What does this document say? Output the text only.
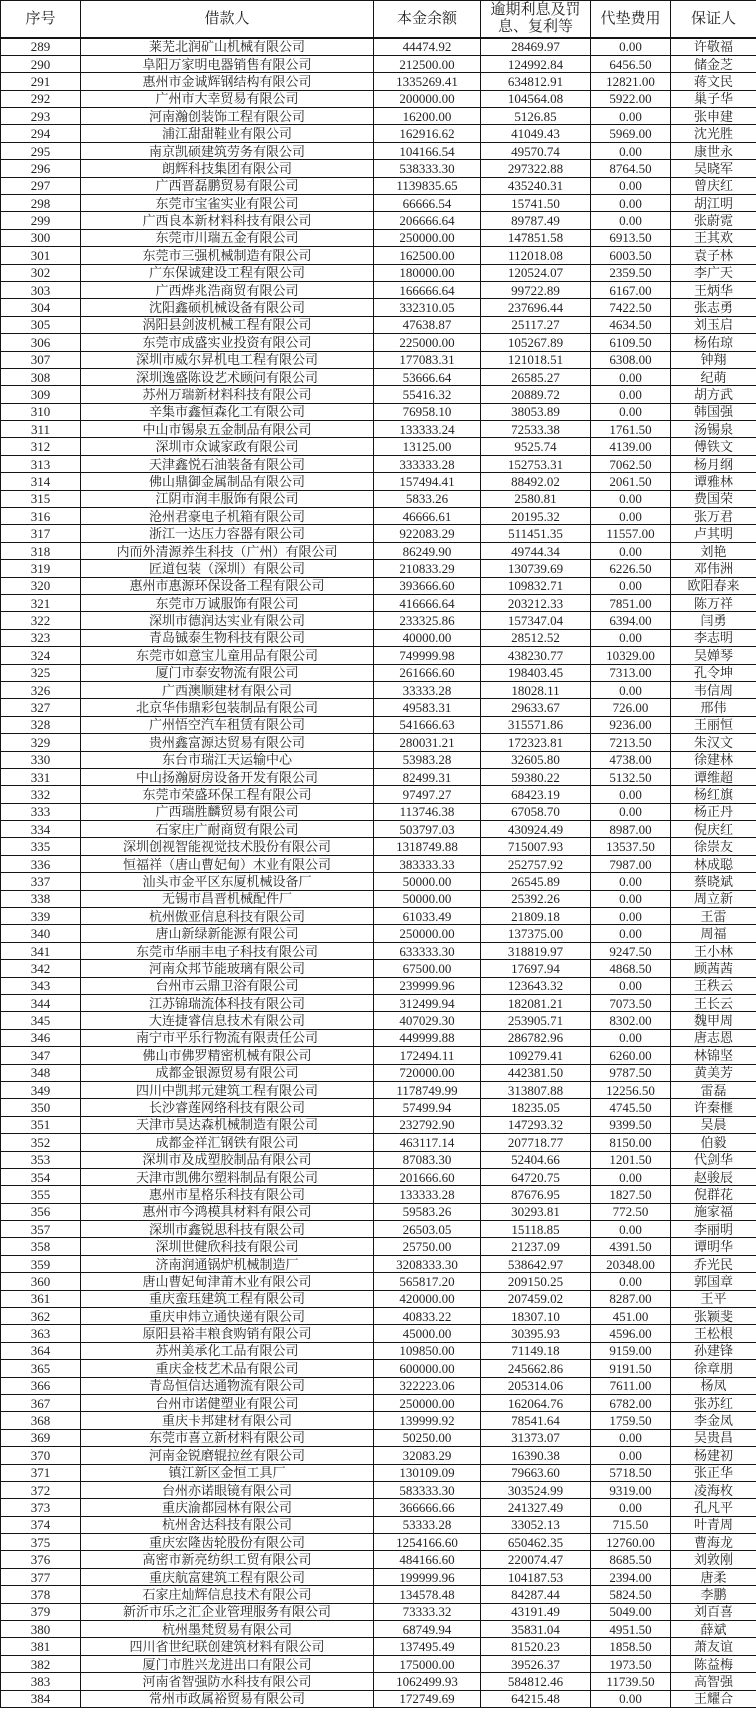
序号	借款人	本金余额	逾期利息及罚息、复利等	代垫费用	保证人
289	莱芜北润矿山机械有限公司	44474.92	28469.97	0.00	许敬福
290	阜阳万家明电器销售有限公司	212500.00	124992.84	6456.50	储金芝
291	惠州市金诚辉钢结构有限公司	1335269.41	634812.91	12821.00	蒋文民
292	广州市大幸贸易有限公司	200000.00	104564.08	5922.00	巢子华
293	河南瀚创装饰工程有限公司	16200.00	5126.85	0.00	张申建
294	浦江甜甜鞋业有限公司	162916.62	41049.43	5969.00	沈光胜
295	南京凯硕建筑劳务有限公司	104166.54	49570.74	0.00	康世永
296	朗辉科技集团有限公司	538333.30	297322.88	8764.50	吴晓军
297	广西晋磊鹏贸易有限公司	1139835.65	435240.31	0.00	曾庆红
298	东莞市宝雀实业有限公司	66666.54	15741.50	0.00	胡江明
299	广西良本新材料科技有限公司	206666.64	89787.49	0.00	张蔚霓
300	东莞市川瑞五金有限公司	250000.00	147851.58	6913.50	王其欢
301	东莞市三强机械制造有限公司	162500.00	112018.08	6003.50	袁子林
302	广东保诚建设工程有限公司	180000.00	120524.07	2359.50	李广天
303	广西烨兆浩商贸有限公司	166666.64	99722.89	6167.00	王炳华
304	沈阳鑫硕机械设备有限公司	332310.05	237696.44	7422.50	张志勇
305	涡阳县剑波机械工程有限公司	47638.87	25117.27	4634.50	刘玉启
306	东莞市成盛实业投资有限公司	225000.00	105267.89	6109.50	杨佑琼
307	深圳市威尔昇机电工程有限公司	177083.31	121018.51	6308.00	钟翔
308	深圳逸盛陈设艺术顾问有限公司	53666.64	26585.27	0.00	纪萌
309	苏州万瑞新材料科技有限公司	55416.32	20889.72	0.00	胡方武
310	辛集市鑫恒森化工有限公司	76958.10	38053.89	0.00	韩国强
311	中山市锡泉五金制品有限公司	133333.24	72533.38	1761.50	汤锡泉
312	深圳市众诚家政有限公司	13125.00	9525.74	4139.00	傅铁文
313	天津鑫悦石油装备有限公司	333333.28	152753.31	7062.50	杨月纲
314	佛山鼎御金属制品有限公司	157494.41	88492.02	2061.50	谭雅林
315	江阴市润丰服饰有限公司	5833.26	2580.81	0.00	费国荣
316	沧州君豪电子机箱有限公司	46666.61	20195.32	0.00	张万君
317	浙江一达压力容器有限公司	922083.29	511451.35	11557.00	卢其明
318	内而外清源养生科技（广州）有限公司	86249.90	49744.34	0.00	刘艳
319	匠道包装（深圳）有限公司	210833.29	130739.69	6226.50	邓伟洲
320	惠州市惠源环保设备工程有限公司	393666.60	109832.71	0.00	欧阳春来
321	东莞市万诚服饰有限公司	416666.64	203212.33	7851.00	陈万祥
322	深圳市德润达实业有限公司	233325.86	157347.04	6394.00	闫勇
323	青岛铖泰生物科技有限公司	40000.00	28512.52	0.00	李志明
324	东莞市如意宝儿童用品有限公司	749999.98	438230.77	10329.00	吴婵琴
325	厦门市泰安物流有限公司	261666.60	198403.45	7313.00	孔令坤
326	广西澳顺建材有限公司	33333.28	18028.11	0.00	韦信周
327	北京华伟鼎彩包装制品有限公司	49583.31	29633.67	726.00	邢伟
328	广州悟空汽车租赁有限公司	541666.63	315571.86	9236.00	王丽恒
329	贵州鑫富源达贸易有限公司	280031.21	172323.81	7213.50	朱汉文
330	东台市瑞江天运输中心	53983.28	32605.80	4738.00	徐建林
331	中山扬瀚厨房设备开发有限公司	82499.31	59380.22	5132.50	谭维超
332	东莞市荣盛环保工程有限公司	97497.27	68423.19	0.00	杨红旗
333	广西瑞胜麟贸易有限公司	113746.38	67058.70	0.00	杨正丹
334	石家庄广耐商贸有限公司	503797.03	430924.49	8987.00	倪庆红
335	深圳创视智能视觉技术股份有限公司	1318749.88	715007.93	13537.50	徐崇友
336	恒福祥（唐山曹妃甸）木业有限公司	383333.33	252757.92	7987.00	林成聪
337	汕头市金平区东厦机械设备厂	50000.00	26545.89	0.00	蔡晓斌
338	无锡市昌晋机械配件厂	50000.00	25392.26	0.00	周立新
339	杭州傲亚信息科技有限公司	61033.49	21809.18	0.00	王雷
340	唐山新绿新能源有限公司	250000.00	137375.00	0.00	周福
341	东莞市华丽丰电子科技有限公司	633333.30	318819.97	9247.50	王小林
342	河南众邦节能玻璃有限公司	67500.00	17697.94	4868.50	顾茜茜
343	台州市云鼎卫浴有限公司	239999.96	123643.32	0.00	王秩云
344	江苏锦瑞流体科技有限公司	312499.94	182081.21	7073.50	王长云
345	大连捷睿信息技术有限公司	407029.30	253905.71	8302.00	魏甲周
346	南宁市平乐行物流有限责任公司	449999.88	286782.96	0.00	唐志恩
347	佛山市佛罗精密机械有限公司	172494.11	109279.41	6260.00	林锦坚
348	成都金银源贸易有限公司	720000.00	442381.50	9787.50	黄美芳
349	四川中凯邦元建筑工程有限公司	1178749.99	313807.88	12256.50	雷磊
350	长沙睿莲网络科技有限公司	57499.94	18235.05	4745.50	许秦榧
351	天津市昊达森机械制造有限公司	232792.90	147293.32	9399.50	吴晨
352	成都金祥汇钢铁有限公司	463117.14	207718.77	8150.00	伯毅
353	深圳市及成塑胶制品有限公司	87083.30	52404.66	1201.50	代剑华
354	天津市凯佛尔塑料制品有限公司	201666.60	64720.75	0.00	赵骏辰
355	惠州市星格乐科技有限公司	133333.28	87676.95	1827.50	倪群花
356	惠州市今鸿模具材料有限公司	59583.26	30293.81	772.50	施家福
357	深圳市鑫锐思科技有限公司	26503.05	15118.85	0.00	李丽明
358	深圳世健欣科技有限公司	25750.00	21237.09	4391.50	谭明华
359	济南润通锅炉机械制造厂	3208333.30	538642.97	20348.00	乔光民
360	唐山曹妃甸津莆木业有限公司	565817.20	209150.25	0.00	郭国章
361	重庆蛮珏建筑工程有限公司	420000.00	207459.02	8287.00	王平
362	重庆申炜立通快递有限公司	40833.22	18307.10	451.00	张颖斐
363	原阳县裕丰粮食购销有限公司	45000.00	30395.93	4596.00	王松根
364	苏州美承化工品有限公司	109850.00	71149.18	9159.00	孙建锋
365	重庆金枝艺术品有限公司	600000.00	245662.86	9191.50	徐章朋
366	青岛恒信达通物流有限公司	322223.06	205314.06	7611.00	杨凤
367	台州市诺健塑业有限公司	250000.00	162064.76	6782.00	张苏红
368	重庆卡邦建材有限公司	139999.92	78541.64	1759.50	李金凤
369	东莞市喜立新材料有限公司	50250.00	31373.07	0.00	吴贵昌
370	河南金锐磨辊拉丝有限公司	32083.29	16390.38	0.00	杨建初
371	镇江新区金恒工具厂	130109.09	79663.60	5718.50	张正华
372	台州亦诺眼镜有限公司	583333.30	303524.99	9319.00	凌海枚
373	重庆渝都园林有限公司	366666.66	241327.49	0.00	孔凡平
374	杭州舍达科技有限公司	53333.28	33052.13	715.50	叶青周
375	重庆宏隆齿轮股份有限公司	1254166.60	650462.35	12760.00	曹海龙
376	高密市新亮纺织工贸有限公司	484166.60	220074.47	8685.50	刘敦刚
377	重庆航富建筑工程有限公司	199999.96	104187.53	2394.00	唐柔
378	石家庄灿辉信息技术有限公司	134578.48	84287.44	5824.50	李鹏
379	新沂市乐之汇企业管理服务有限公司	73333.32	43191.49	5049.00	刘百喜
380	杭州墨梵贸易有限公司	68749.94	35831.04	4951.50	薛斌
381	四川省世纪联创建筑材料有限公司	137495.49	81520.23	1858.50	萧友谊
382	厦门市胜兴龙进出口有限公司	175000.00	39526.37	1973.50	陈益梅
383	河南省智强防水科技有限公司	1062499.93	584812.46	11739.50	高智强
384	常州市政属裕贸易有限公司	172749.69	64215.48	0.00	王耀合
